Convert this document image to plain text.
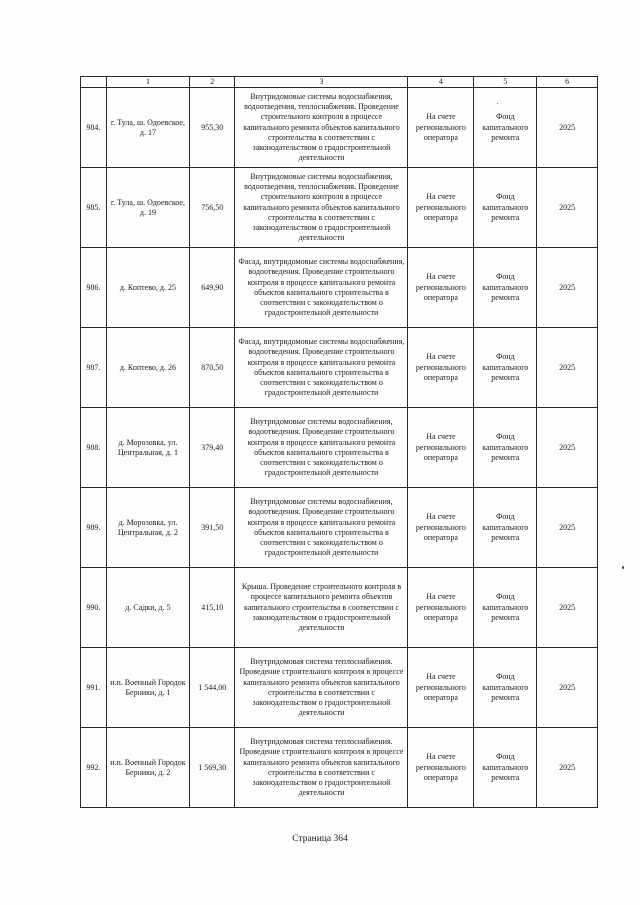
	1	2	3	4	5	6
984.	г. Тула, ш. Одоевское, д. 17	955,30	Внутридомовые системы водоснабжения, водоотведения, теплоснабжения. Проведение строительного контроля в процессе капитального ремонта объектов капитального строительства в соответствии с законодательством о градостроительной деятельности	На счете регионального оператора	Фонд капитального ремонта	2025
985.	г. Тула, ш. Одоевское, д. 19	756,50	Внутридомовые системы водоснабжения, водоотведения, теплоснабжения. Проведение строительного контроля в процессе капитального ремонта объектов капитального строительства в соответствии с законодательством о градостроительной деятельности	На счете регионального оператора	Фонд капитального ремонта	2025
986.	д. Коптево, д. 25	649,90	Фасад, внутридомовые системы водоснабжения, водоотведения. Проведение строительного контроля в процессе капитального ремонта объектов капитального строительства в соответствии с законодательством о градостроительной деятельности	На счете регионального оператора	Фонд капитального ремонта	2025
987.	д. Коптево, д. 26	870,50	Фасад, внутридомовые системы водоснабжения, водоотведения. Проведение строительного контроля в процессе капитального ремонта объектов капитального строительства в соответствии с законодательством о градостроительной деятельности	На счете регионального оператора	Фонд капитального ремонта	2025
988.	д. Морозовка, ул. Центральная, д. 1	379,40	Внутридомовые системы водоснабжения, водоотведения. Проведение строительного контроля в процессе капитального ремонта объектов капитального строительства в соответствии с законодательством о градостроительной деятельности	На счете регионального оператора	Фонд капитального ремонта	2025
989.	д. Морозовка, ул. Центральная, д. 2	391,50	Внутридомовые системы водоснабжения, водоотведения. Проведение строительного контроля в процессе капитального ремонта объектов капитального строительства в соответствии с законодательством о градостроительной деятельности	На счете регионального оператора	Фонд капитального ремонта	2025
990.	д. Садки, д. 5	415,10	Крыша. Проведение строительного контроля в процессе капитального ремонта объектов капитального строительства в соответствии с законодательством о градостроительной деятельности	На счете регионального оператора	Фонд капитального ремонта	2025
991.	н.п. Военный Городок Берники, д. 1	1 544,00	Внутридомовая система теплоснабжения. Проведение строительного контроля в процессе капитального ремонта объектов капитального строительства в соответствии с законодательством о градостроительной деятельности	На счете регионального оператора	Фонд капитального ремонта	2025
992.	н.п. Военный Городок Берники, д. 2	1 569,30	Внутридомовая система теплоснабжения. Проведение строительного контроля в процессе капитального ремонта объектов капитального строительства в соответствии с законодательством о градостроительной деятельности	На счете регионального оператора	Фонд капитального ремонта	2025
Страница 364
